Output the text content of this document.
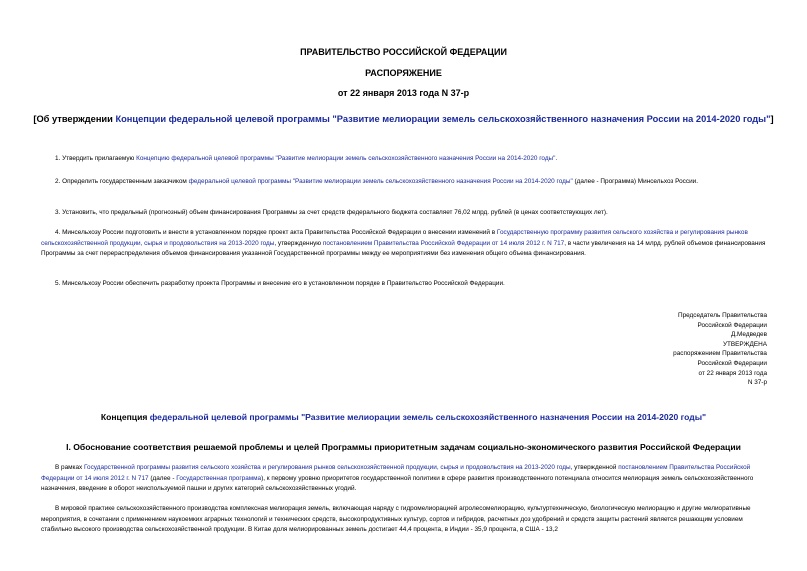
ПРАВИТЕЛЬСТВО РОССИЙСКОЙ ФЕДЕРАЦИИ
РАСПОРЯЖЕНИЕ
от 22 января 2013 года N 37-р
[Об утверждении Концепции федеральной целевой программы "Развитие мелиорации земель сельскохозяйственного назначения России на 2014-2020 годы"]
1. Утвердить прилагаемую Концепцию федеральной целевой программы "Развитие мелиорации земель сельскохозяйственного назначения России на 2014-2020 годы".
2. Определить государственным заказчиком федеральной целевой программы "Развитие мелиорации земель сельскохозяйственного назначения России на 2014-2020 годы" (далее - Программа) Минсельхоз России.
3. Установить, что предельный (прогнозный) объем финансирования Программы за счет средств федерального бюджета составляет 76,02 млрд. рублей (в ценах соответствующих лет).
4. Минсельхозу России подготовить и внести в установленном порядке проект акта Правительства Российской Федерации о внесении изменений в Государственную программу развития сельского хозяйства и регулирования рынков сельскохозяйственной продукции, сырья и продовольствия на 2013-2020 годы, утвержденную постановлением Правительства Российской Федерации от 14 июля 2012 г. N 717, в части увеличения на 14 млрд. рублей объемов финансирования Программы за счет перераспределения объемов финансирования указанной Государственной программы между ее мероприятиями без изменения общего объема финансирования.
5. Минсельхозу России обеспечить разработку проекта Программы и внесение его в установленном порядке в Правительство Российской Федерации.
Председатель Правительства
Российской Федерации
Д.Медведев
УТВЕРЖДЕНА
распоряжением Правительства
Российской Федерации
от 22 января 2013 года
N 37-р
Концепция федеральной целевой программы "Развитие мелиорации земель сельскохозяйственного назначения России на 2014-2020 годы"
I. Обоснование соответствия решаемой проблемы и целей Программы приоритетным задачам социально-экономического развития Российской Федерации
В рамках Государственной программы развития сельского хозяйства и регулирования рынков сельскохозяйственной продукции, сырья и продовольствия на 2013-2020 годы, утвержденной постановлением Правительства Российской Федерации от 14 июля 2012 г. N 717 (далее - Государственная программа), к первому уровню приоритетов государственной политики в сфере развития производственного потенциала относится мелиорация земель сельскохозяйственного назначения, введение в оборот неиспользуемой пашни и других категорий сельскохозяйственных угодий.
В мировой практике сельскохозяйственного производства комплексная мелиорация земель, включающая наряду с гидромелиорацией агролесомелиорацию, культуртехническую, биологическую мелиорацию и другие мелиоративные мероприятия, в сочетании с применением наукоемких аграрных технологий и технических средств, высокопродуктивных культур, сортов и гибридов, расчетных доз удобрений и средств защиты растений является решающим условием стабильно высокого производства сельскохозяйственной продукции. В Китае доля мелиорированных земель достигает 44,4 процента, в Индии - 35,9 процента, в США - 13,2
